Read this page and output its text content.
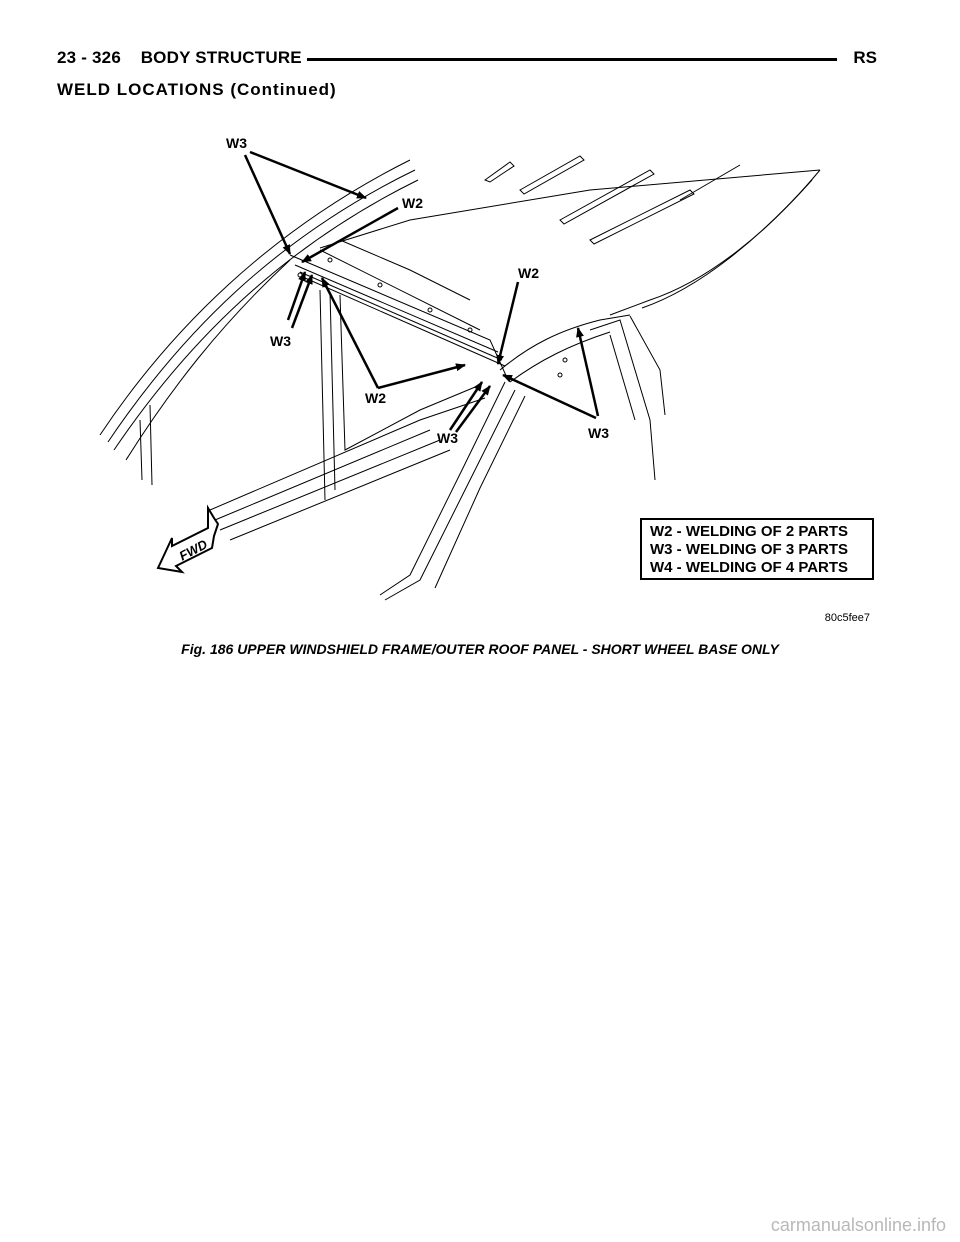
23 - 326 BODY STRUCTURE	RS
WELD LOCATIONS (Continued)
W3
W2
W2
W3
W2
W3	W3
FWD
W2 - WELDING OF 2 PARTS
W3 - WELDING OF 3 PARTS
W4 - WELDING OF 4 PARTS
80c5fee7
Fig. 186 UPPER WINDSHIELD FRAME/OUTER ROOF PANEL - SHORT WHEEL BASE ONLY
carmanualsonline.info
